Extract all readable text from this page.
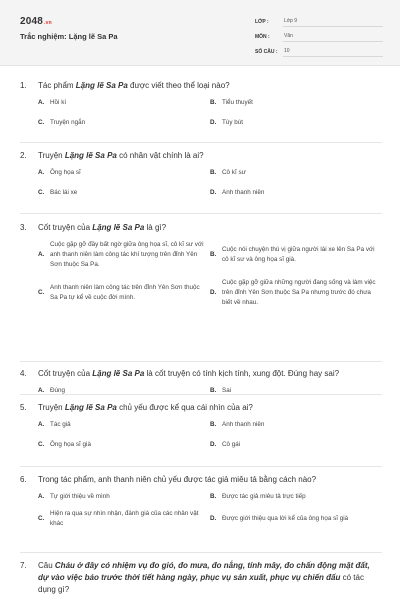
2048.vn
Trắc nghiệm: Lặng lẽ Sa Pa
LỚP :	Lớp 9
MÔN :	Văn
SỐ CÂU :	10
1.	Tác phẩm Lặng lẽ Sa Pa được viết theo thể loại nào?
A. Hồi kí	B. Tiểu thuyết
C. Truyện ngắn	D. Tùy bút
2.	Truyện Lặng lẽ Sa Pa có nhân vật chính là ai?
A. Ông họa sĩ	B. Cô kĩ sư
C. Bác lái xe	D. Anh thanh niên
3.	Cốt truyện của Lặng lẽ Sa Pa là gì?
A.
Cuộc gặp gỡ đầy bất ngờ giữa ông họa sĩ, cô kĩ sư với anh thanh niên làm công tác khí tượng trên đỉnh Yên Sơn thuộc Sa Pa.
B.
Cuộc nói chuyện thú vị giữa người lái xe lên Sa Pa với cô kĩ sư và ông họa sĩ già.
C.
Anh thanh niên làm công tác trên đỉnh Yên Sơn thuộc Sa Pa tự kể về cuộc đời mình.
D.
Cuộc gặp gỡ giữa những người đang sống và làm việc trên đỉnh Yên Sơn thuộc Sa Pa nhưng trước đó chưa biết về nhau.
4.	Cốt truyện của Lặng lẽ Sa Pa là cốt truyện có tính kịch tính, xung đột. Đúng hay sai?
A. Đúng	B. Sai
5.	Truyện Lặng lẽ Sa Pa chủ yếu được kể qua cái nhìn của ai?
A. Tác giả	B. Anh thanh niên
C. Ông họa sĩ già	D. Cô gái
6.	Trong tác phẩm, anh thanh niên chủ yếu được tác giả miêu tả bằng cách nào?
A. Tự giới thiệu về mình	B. Được tác giả miêu tả trực tiếp
C.
Hiện ra qua sự nhìn nhận, đánh giá của các nhân vật khác
D. Được giới thiệu qua lời kể của ông họa sĩ già
7.	Câu Cháu ở đây có nhiệm vụ đo gió, đo mưa, đo nắng, tính mây, đo chấn động mặt đất, dự vào việc báo trước thời tiết hàng ngày, phục vụ sản xuất, phục vụ chiến đấu có tác dụng gì?
